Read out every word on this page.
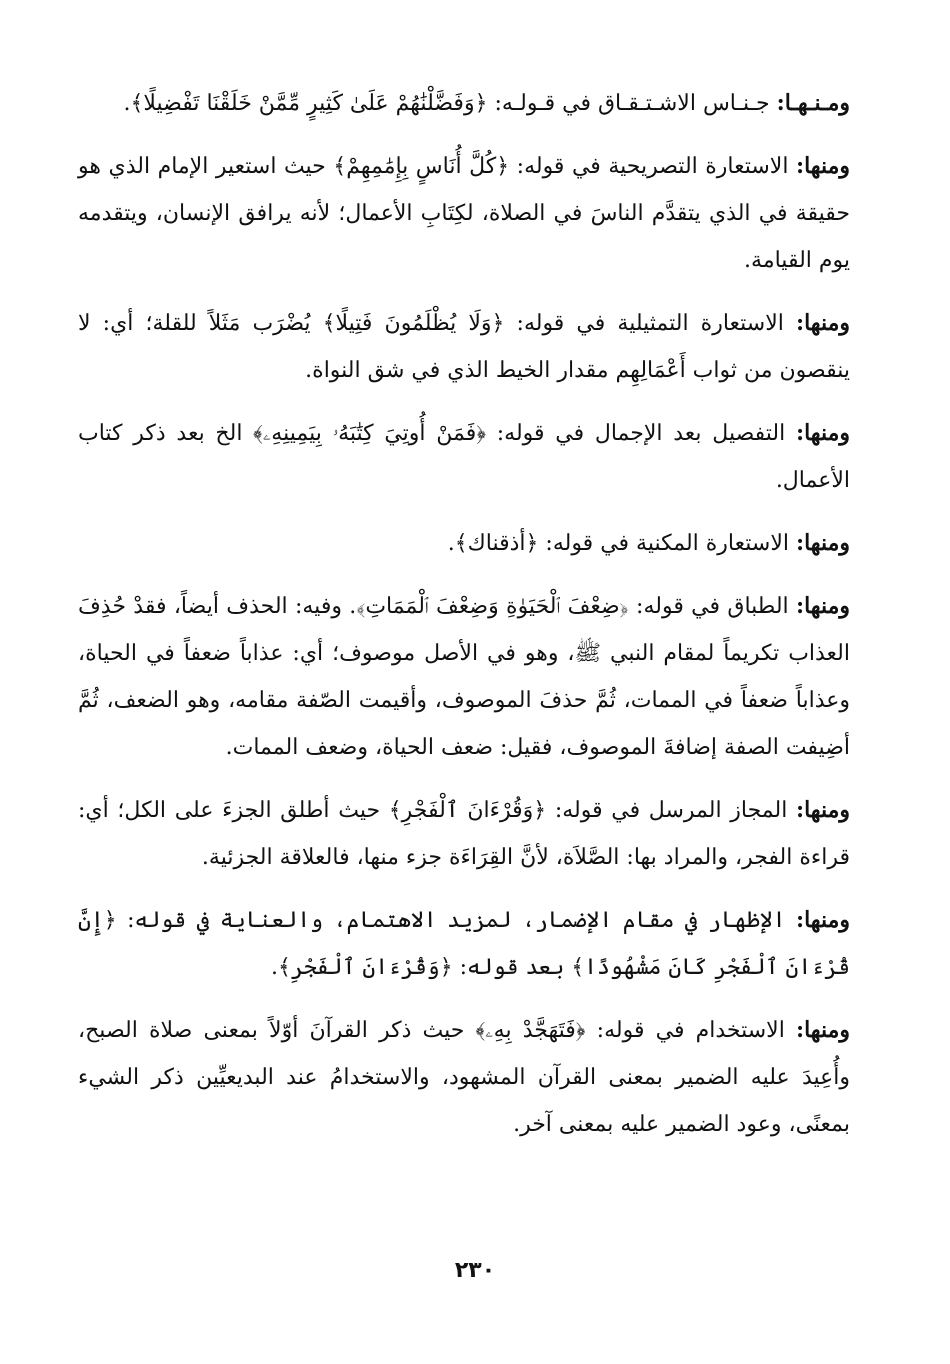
ومـنـهـا: جـنـاس الاشـتـقـاق في قـولـه: ﴿وَفَضَّلْنَٰهُمْ عَلَىٰ كَثِيرٍ مِّمَّنْ خَلَقْنَا تَفْضِيلًا﴾.

ومنها: الاستعارة التصريحية في قوله: ﴿كُلَّ أُنَاسٍ بِإِمَٰمِهِمْ﴾ حيث استعير الإمام الذي هو حقيقة في الذي يتقدَّم الناسَ في الصلاة، لكِتَابِ الأعمال؛ لأنه يرافق الإنسان، ويتقدمه يوم القيامة.

ومنها: الاستعارة التمثيلية في قوله: ﴿وَلَا يُظْلَمُونَ فَتِيلًا﴾ يُضْرَب مَثَلاً للقلة؛ أي: لا ينقصون من ثواب أَعْمَالِهِم مقدار الخيط الذي في شق النواة.

ومنها: التفصيل بعد الإجمال في قوله: ﴿فَمَنْ أُوتِيَ كِتَٰبَهُۥ بِيَمِينِهِۦ﴾ الخ بعد ذكر كتاب الأعمال.

ومنها: الاستعارة المكنية في قوله: ﴿أذقناك﴾.

ومنها: الطباق في قوله: ﴿ضِعْفَ ٱلْحَيَوٰةِ وَضِعْفَ ٱلْمَمَاتِ﴾. وفيه: الحذف أيضاً، فقدْ حُذِفَ العذاب تكريماً لمقام النبي ﷺ، وهو في الأصل موصوف؛ أي: عذاباً ضعفاً في الحياة، وعذاباً ضعفاً في الممات، ثُمَّ حذفَ الموصوف، وأقيمت الصّفة مقامه، وهو الضعف، ثُمَّ أضِيفت الصفة إضافةَ الموصوف، فقيل: ضعف الحياة، وضعف الممات.

ومنها: المجاز المرسل في قوله: ﴿وَقُرْءَانَ ٱلْفَجْرِ﴾ حيث أطلق الجزءَ على الكل؛ أي: قراءة الفجر، والمراد بها: الصَّلاَة، لأنَّ القِرَاءَة جزء منها، فالعلاقة الجزئية.

ومنها: الإظهار في مقام الإضمار، لمزيد الاهتمام، والعناية في قوله: ﴿إِنَّ قُرْءَانَ ٱلْفَجْرِ كَانَ مَشْهُودًا﴾ بعد قوله: ﴿وَقُرْءَانَ ٱلْفَجْرِ﴾.

ومنها: الاستخدام في قوله: ﴿فَتَهَجَّدْ بِهِۦ﴾ حيث ذكر القرآنَ أوّلاً بمعنى صلاة الصبح، وأُعِيدَ عليه الضمير بمعنى القرآن المشهود، والاستخدامُ عند البديعيِّين ذكر الشيء بمعنًى، وعود الضمير عليه بمعنى آخر.

٢٣٠
